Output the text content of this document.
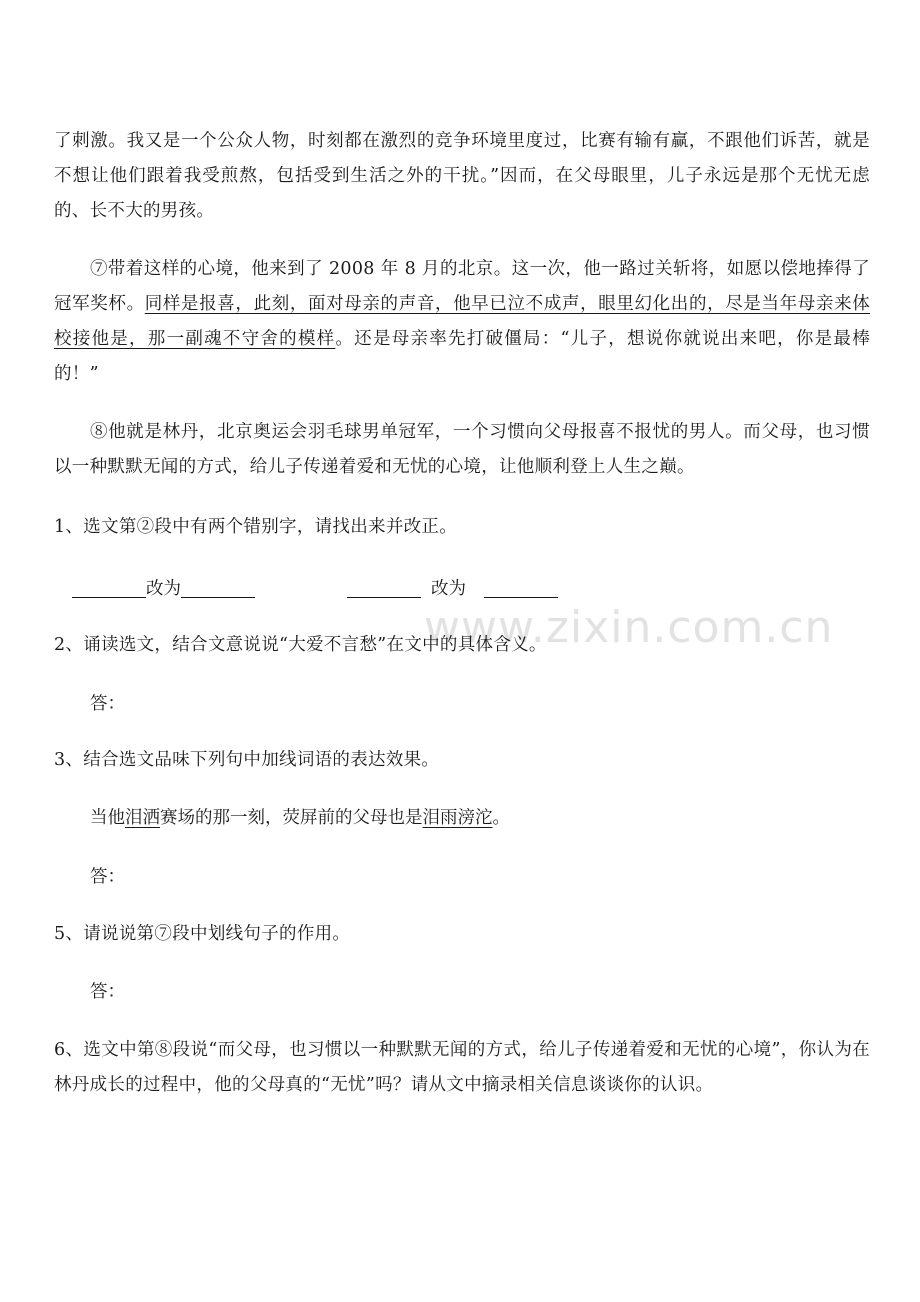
了刺激。我又是一个公众人物，时刻都在激烈的竞争环境里度过，比赛有输有赢，不跟他们诉苦，就是不想让他们跟着我受煎熬，包括受到生活之外的干扰。”因而，在父母眼里，儿子永远是那个无忧无虑的、长不大的男孩。

⑦带着这样的心境，他来到了 2008 年 8 月的北京。这一次，他一路过关斩将，如愿以偿地捧得了冠军奖杯。同样是报喜，此刻，面对母亲的声音，他早已泣不成声，眼里幻化出的，尽是当年母亲来体校接他是，那一副魂不守舍的模样。还是母亲率先打破僵局：“儿子，想说你就说出来吧，你是最棒的！”

⑧他就是林丹，北京奥运会羽毛球男单冠军，一个习惯向父母报喜不报忧的男人。而父母，也习惯以一种默默无闻的方式，给儿子传递着爱和无忧的心境，让他顺利登上人生之巅。

1、选文第②段中有两个错别字，请找出来并改正。

改为	改为
www.zixin.com.cn

2、诵读选文，结合文意说说“大爱不言愁”在文中的具体含义。

答：

3、结合选文品味下列句中加线词语的表达效果。

当他泪洒赛场的那一刻，荧屏前的父母也是泪雨滂沱。

答：

5、请说说第⑦段中划线句子的作用。

答：

6、选文中第⑧段说“而父母，也习惯以一种默默无闻的方式，给儿子传递着爱和无忧的心境”，你认为在林丹成长的过程中，他的父母真的“无忧”吗？请从文中摘录相关信息谈谈你的认识。
